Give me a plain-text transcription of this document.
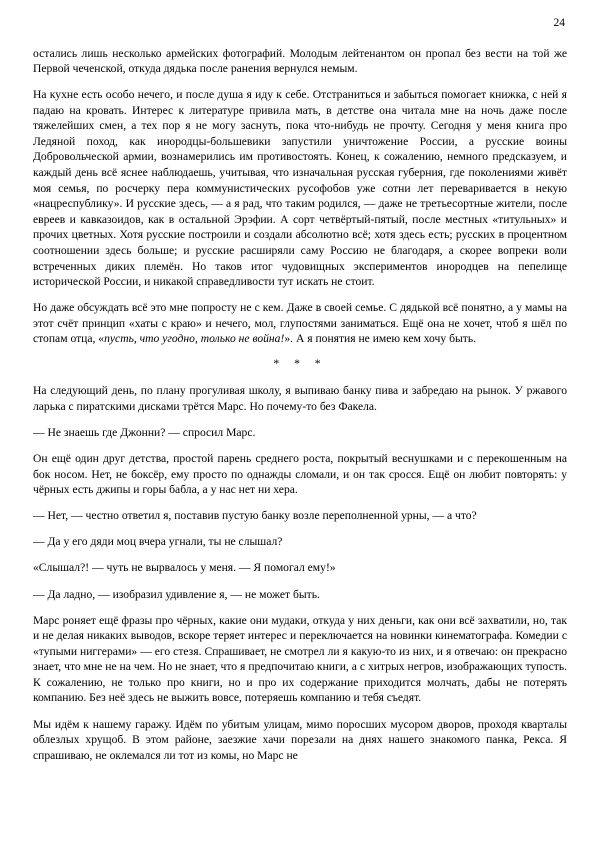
24

остались лишь несколько армейских фотографий. Молодым лейтенантом он пропал без вести на той же Первой чеченской, откуда дядька после ранения вернулся немым.

На кухне есть особо нечего, и после душа я иду к себе. Отстраниться и забыться помогает книжка, с ней я падаю на кровать. Интерес к литературе привила мать, в детстве она читала мне на ночь даже после тяжелейших смен, а тех пор я не могу заснуть, пока что-нибудь не прочту. Сегодня у меня книга про Ледяной поход, как инородцы-большевики запустили уничтожение России, а русские воины Добровольческой армии, вознамерились им противостоять. Конец, к сожалению, немного предсказуем, и каждый день всё яснее наблюдаешь, учитывая, что изначальная русская губерния, где поколениями живёт моя семья, по росчерку пера коммунистических русофобов уже сотни лет переваривается в некую «нацреспублику». И русские здесь, — а я рад, что таким родился, — даже не третьесортные жители, после евреев и кавказоидов, как в остальной Эрэфии. А сорт четвёртый-пятый, после местных «титульных» и прочих цветных. Хотя русские построили и создали абсолютно всё; хотя здесь есть; русских в процентном соотношении здесь больше; и русские расширяли саму Россию не благодаря, а скорее вопреки воли встреченных диких племён. Но таков итог чудовищных экспериментов инородцев на пепелище исторической России, и никакой справедливости тут искать не стоит.

Но даже обсуждать всё это мне попросту не с кем. Даже в своей семье. С дядькой всё понятно, а у мамы на этот счёт принцип «хаты с краю» и нечего, мол, глупостями заниматься. Ещё она не хочет, чтоб я шёл по стопам отца, «пусть, что угодно, только не война!». А я понятия не имею кем хочу быть.

* * *

На следующий день, по плану прогуливая школу, я выпиваю банку пива и забредаю на рынок. У ржавого ларька с пиратскими дисками трётся Марс. Но почему-то без Факела.

— Не знаешь где Джонни? — спросил Марс.

Он ещё один друг детства, простой парень среднего роста, покрытый веснушками и с перекошенным на бок носом. Нет, не боксёр, ему просто по однажды сломали, и он так сросся. Ещё он любит повторять: у чёрных есть джипы и горы бабла, а у нас нет ни хера.

— Нет, — честно ответил я, поставив пустую банку возле переполненной урны, — а что?

— Да у его дяди моц вчера угнали, ты не слышал?

«Слышал?! — чуть не вырвалось у меня. — Я помогал ему!»

— Да ладно, — изобразил удивление я, — не может быть.

Марс роняет ещё фразы про чёрных, какие они мудаки, откуда у них деньги, как они всё захватили, но, так и не делая никаких выводов, вскоре теряет интерес и переключается на новинки кинематографа. Комедии с «тупыми ниггерами» — его стезя. Спрашивает, не смотрел ли я какую-то из них, и я отвечаю: он прекрасно знает, что мне не на чем. Но не знает, что я предпочитаю книги, а с хитрых негров, изображающих тупость. К сожалению, не только про книги, но и про их содержание приходится молчать, дабы не потерять компанию. Без неё здесь не выжить вовсе, потеряешь компанию и тебя съедят.

Мы идём к нашему гаражу. Идём по убитым улицам, мимо поросших мусором дворов, проходя кварталы облезлых хрущоб. В этом районе, заезжие хачи порезали на днях нашего знакомого панка, Рекса. Я спрашиваю, не оклемался ли тот из комы, но Марс не
